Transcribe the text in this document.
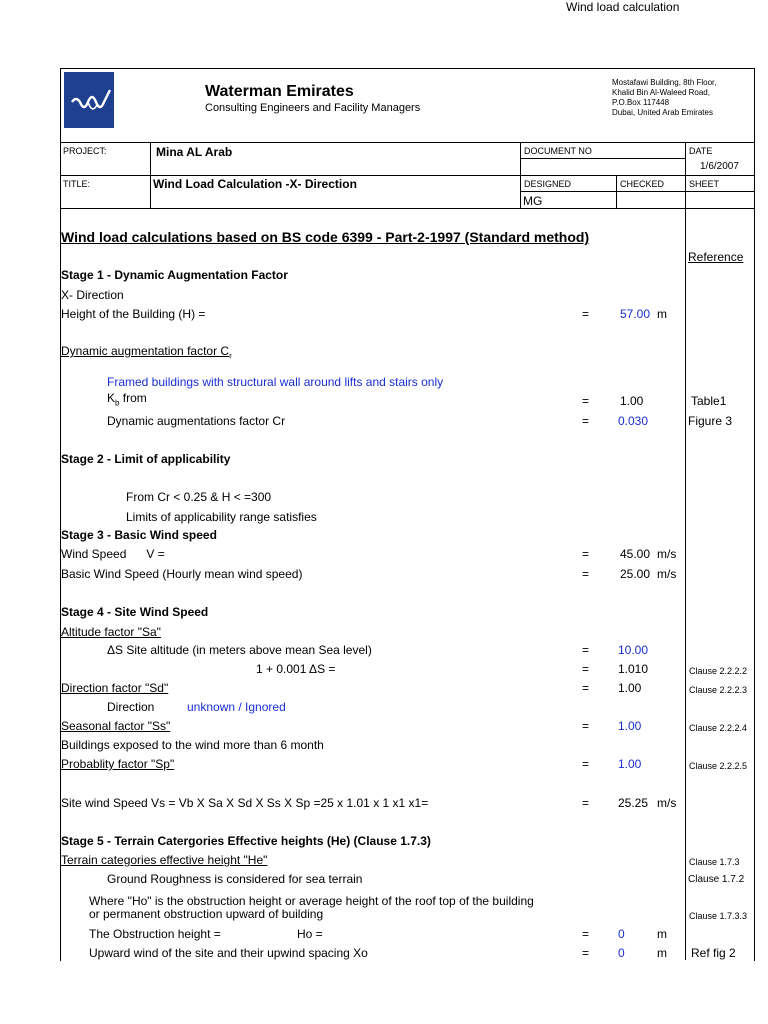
Wind load calculation
Waterman Emirates
Consulting Engineers and Facility Managers
Mostafawi Building, 8th Floor,
Khalid Bin Al-Waleed Road,
P.O.Box 117448
Dubai, United Arab Emirates
PROJECT:	Mina AL Arab	DOCUMENT NO	DATE
1/6/2007
TITLE:	Wind Load Calculation -X- Direction	DESIGNED	CHECKED	SHEET
MG
Wind load calculations based on BS code 6399 - Part-2-1997 (Standard method)
Reference
Stage 1 - Dynamic Augmentation Factor
X- Direction
Height of the Building (H) =	=	57.00 m
Dynamic augmentation factor $C_r$
Framed buildings with structural wall around lifts and stairs only
$K_b$ from	=	1.00	Table1
Dynamic augmentations factor Cr	= 0.030	Figure 3
Stage 2 - Limit of applicability
From Cr < 0.25 & H < =300
Limits of applicability range satisfies
Stage 3 - Basic Wind speed
Wind Speed      V =	=	45.00 m/s
Basic Wind Speed (Hourly mean wind speed)	=	25.00 m/s
Stage 4 - Site Wind Speed
Altitude factor "Sa"
ΔS Site altitude (in meters above mean Sea level)	= 10.00
1 + 0.001 ΔS =	= 1.010	Clause 2.2.2.2
Direction factor "Sd"	= 1.00	Clause 2.2.2.3
Direction	unknown / Ignored
Seasonal factor "Ss"	= 1.00	Clause 2.2.2.4
Buildings exposed to the wind more than 6 month
Probablity factor "Sp"	= 1.00	Clause 2.2.2.5
Site wind Speed Vs = Vb X Sa X Sd X Ss X Sp =25 x 1.01 x 1 x1 x1=	= 25.25 m/s
Stage 5 - Terrain Catergories Effective heights (He) (Clause 1.7.3)
Terrain categories effective height "He"	Clause 1.7.3
Ground Roughness is considered for sea terrain	Clause 1.7.2
Where "Ho" is the obstruction height or average height of the roof top of the building
or permanent obstruction upward of building	Clause 1.7.3.3
The Obstruction height =	Ho =	= 0	m
Upward wind of the site and their upwind spacing Xo	= 0	m Ref fig 2
